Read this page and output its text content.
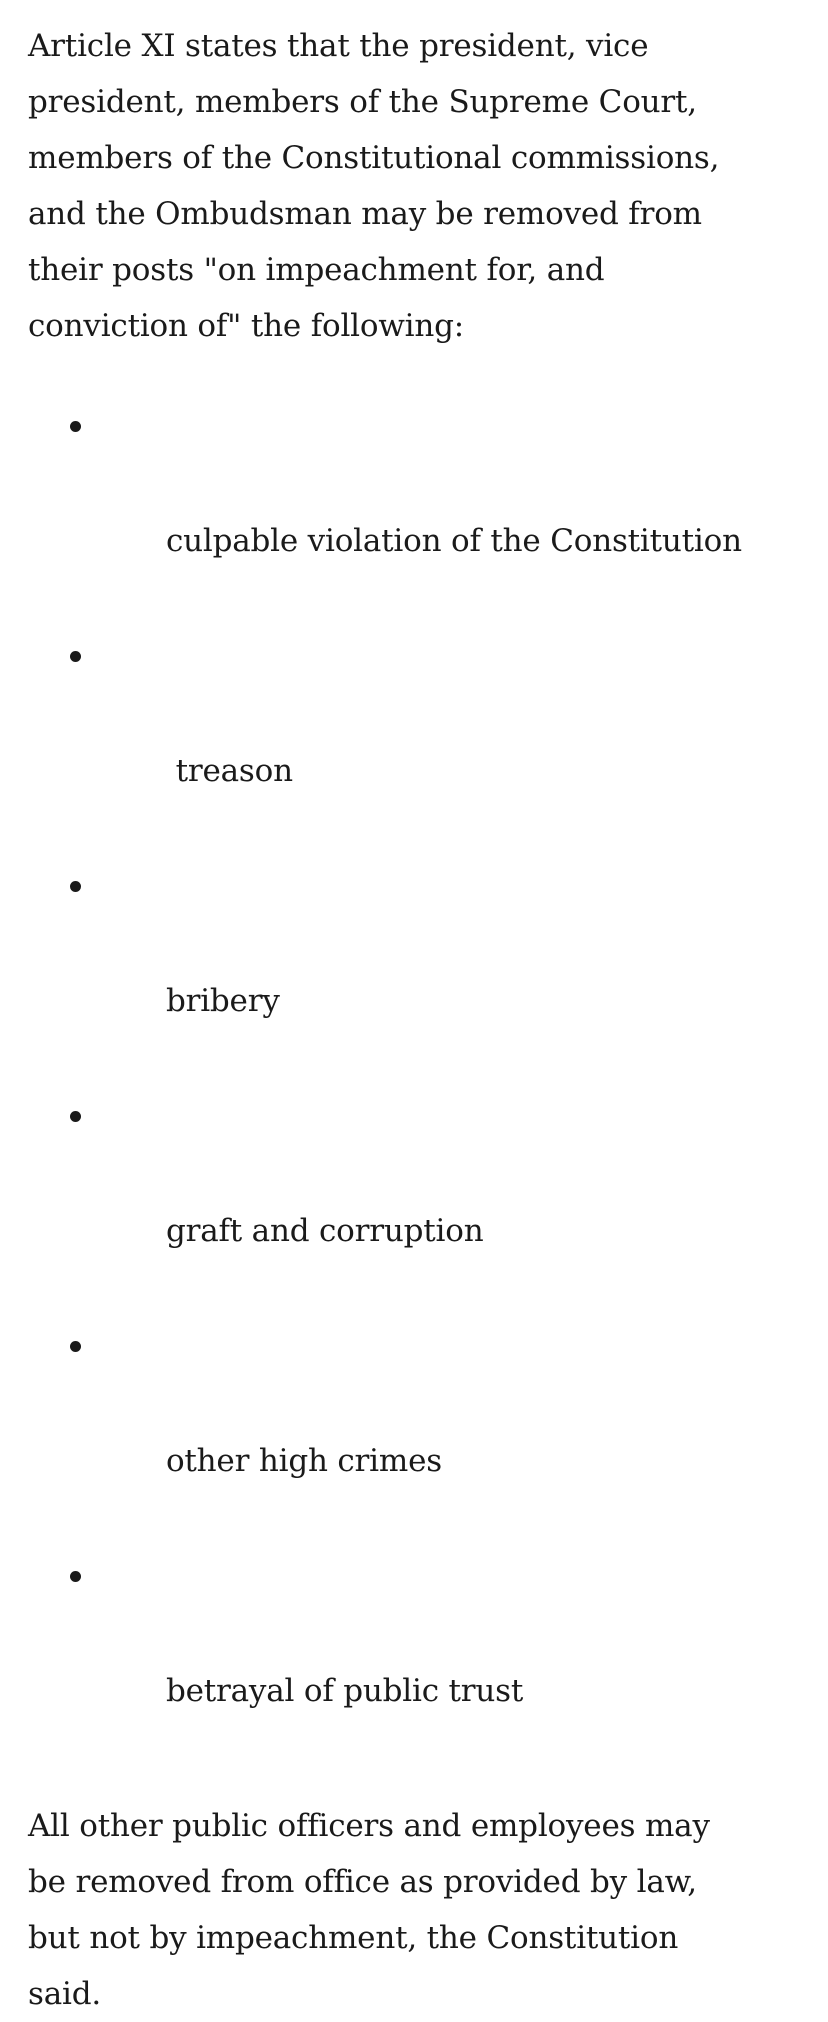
Article XI states that the president, vice
president, members of the Supreme Court,
members of the Constitutional commissions,
and the Ombudsman may be removed from
their posts "on impeachment for, and
conviction of" the following:

culpable violation of the Constitution

treason

bribery

graft and corruption

other high crimes

betrayal of public trust

All other public officers and employees may
be removed from office as provided by law,
but not by impeachment, the Constitution
said.
